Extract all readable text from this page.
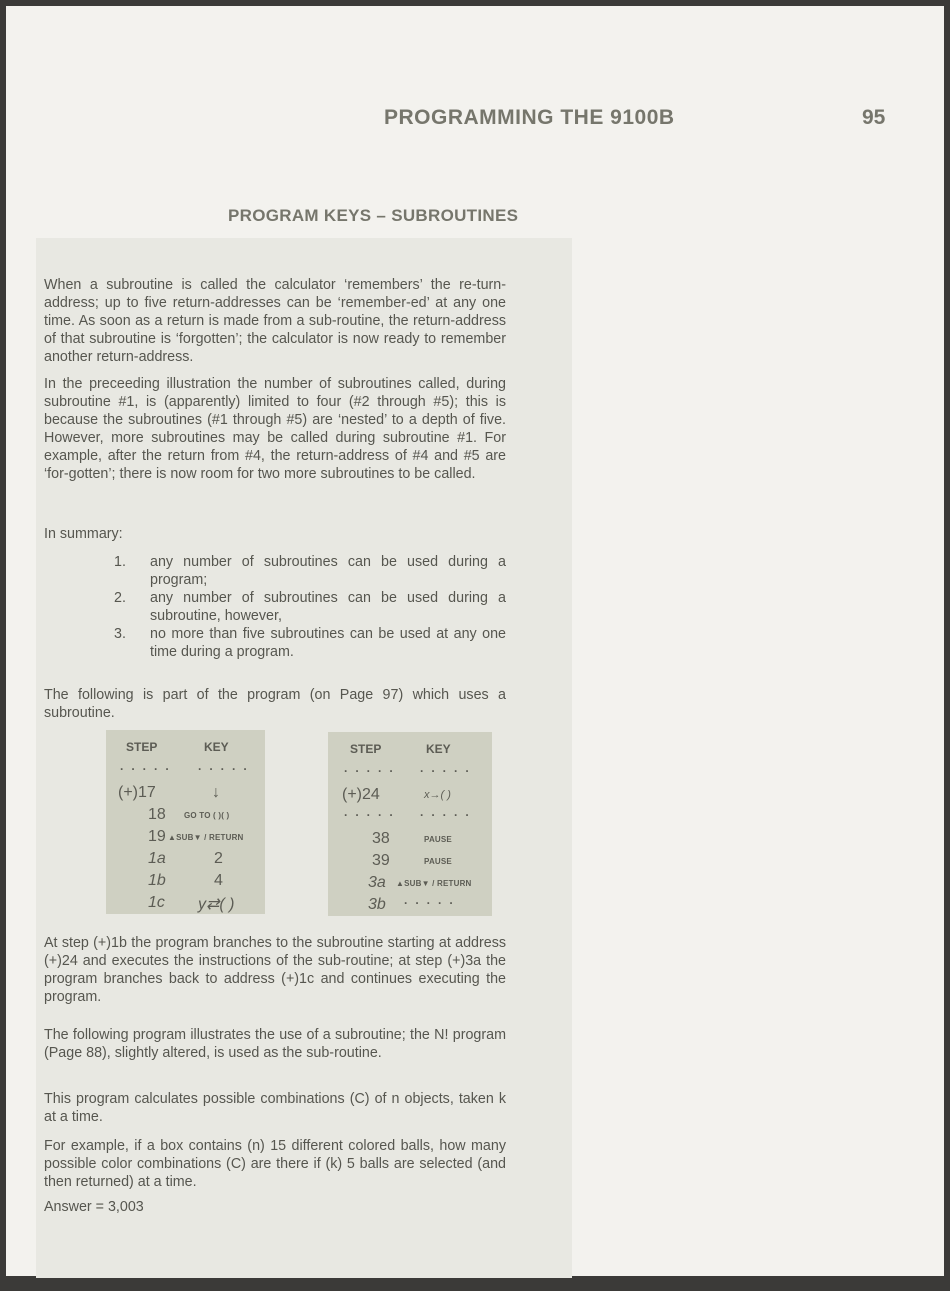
PROGRAMMING THE 9100B	95
PROGRAM KEYS – SUBROUTINES
When a subroutine is called the calculator ‘remembers’ the re-turn-address; up to five return-addresses can be ‘remember-ed’ at any one time. As soon as a return is made from a sub-routine, the return-address of that subroutine is ‘forgotten’; the calculator is now ready to remember another return-address.
In the preceeding illustration the number of subroutines called, during subroutine #1, is (apparently) limited to four (#2 through #5); this is because the subroutines (#1 through #5) are ‘nested’ to a depth of five. However, more subroutines may be called during subroutine #1. For example, after the return from #4, the return-address of #4 and #5 are ‘for-gotten’; there is now room for two more subroutines to be called.
In summary:
1.	any number of subroutines can be used during a program;
2.	any number of subroutines can be used during a subroutine, however,
3.	no more than five subroutines can be used at any one time during a program.
The following is part of the program (on Page 97) which uses a subroutine.
STEP	KEY
· · · · · · · · · ·
(+)17	↓
18 GO TO ( )( )
19 ▲SUB▼ / RETURN
1a	2
1b	4
1c y⇄( )
STEP	KEY
· · · · · · · · · ·
(+)24	x→( )
· · · · · · · · · ·
38	PAUSE
39	PAUSE
3a ▲SUB▼ / RETURN
3b · · · · ·
At step (+)1b the program branches to the subroutine starting at address (+)24 and executes the instructions of the sub-routine; at step (+)3a the program branches back to address (+)1c and continues executing the program.
The following program illustrates the use of a subroutine; the N! program (Page 88), slightly altered, is used as the sub-routine.
This program calculates possible combinations (C) of n objects, taken k at a time.
For example, if a box contains (n) 15 different colored balls, how many possible color combinations (C) are there if (k) 5 balls are selected (and then returned) at a time.
Answer = 3,003
